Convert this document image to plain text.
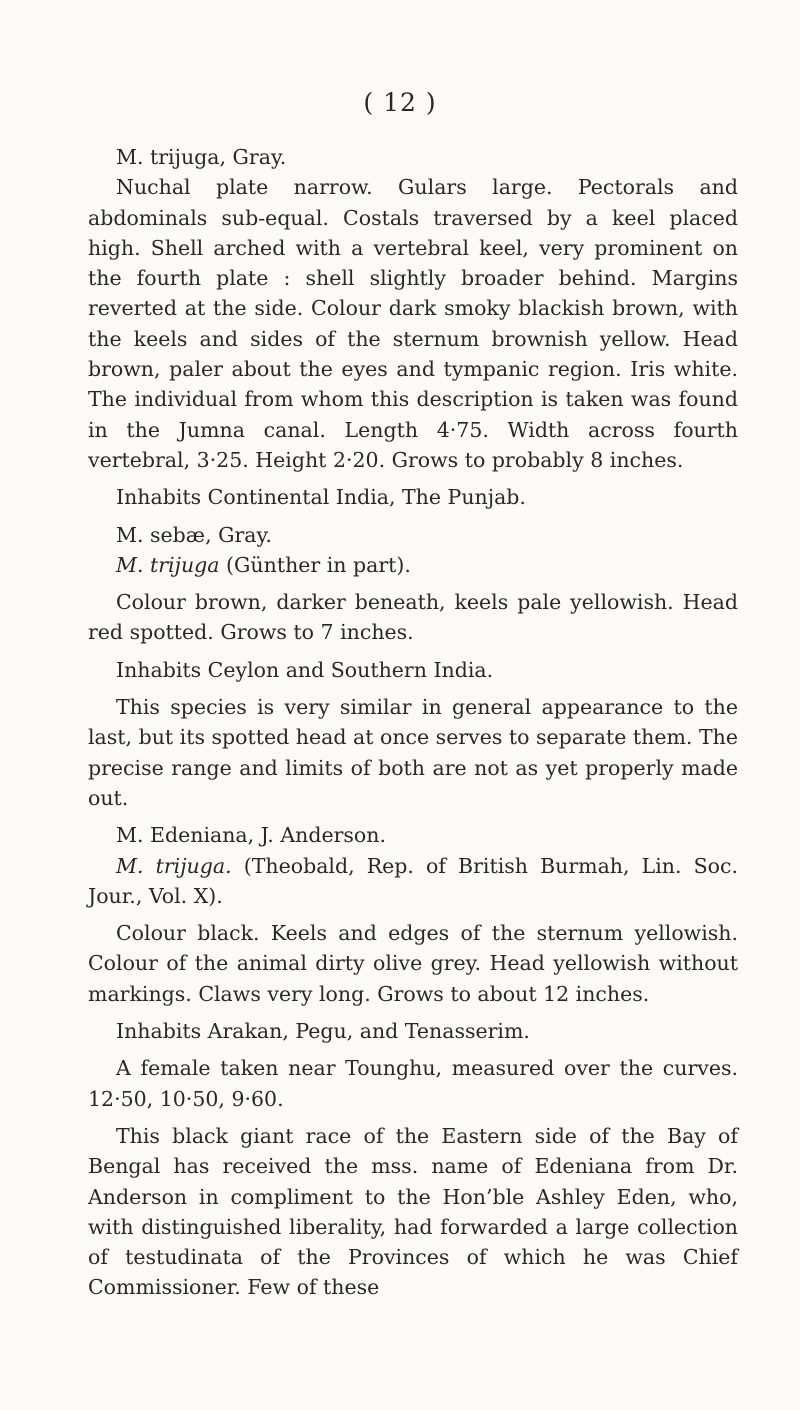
( 12 )

M. trijuga, Gray.

Nuchal plate narrow. Gulars large. Pectorals and abdominals sub-equal. Costals traversed by a keel placed high. Shell arched with a vertebral keel, very prominent on the fourth plate : shell slightly broader behind. Margins reverted at the side. Colour dark smoky blackish brown, with the keels and sides of the sternum brownish yellow. Head brown, paler about the eyes and tympanic region. Iris white. The individual from whom this description is taken was found in the Jumna canal. Length 4·75. Width across fourth vertebral, 3·25. Height 2·20. Grows to probably 8 inches.

Inhabits Continental India, The Punjab.

M. sebæ, Gray.

M. trijuga (Günther in part).

Colour brown, darker beneath, keels pale yellowish. Head red spotted. Grows to 7 inches.

Inhabits Ceylon and Southern India.

This species is very similar in general appearance to the last, but its spotted head at once serves to separate them. The precise range and limits of both are not as yet properly made out.

M. Edeniana, J. Anderson.

M. trijuga. (Theobald, Rep. of British Burmah, Lin. Soc. Jour., Vol. X).

Colour black. Keels and edges of the sternum yellowish. Colour of the animal dirty olive grey. Head yellowish without markings. Claws very long. Grows to about 12 inches.

Inhabits Arakan, Pegu, and Tenasserim.

A female taken near Tounghu, measured over the curves. 12·50, 10·50, 9·60.

This black giant race of the Eastern side of the Bay of Bengal has received the mss. name of Edeniana from Dr. Anderson in compliment to the Hon’ble Ashley Eden, who, with distinguished liberality, had forwarded a large collection of testudinata of the Provinces of which he was Chief Commissioner. Few of these
